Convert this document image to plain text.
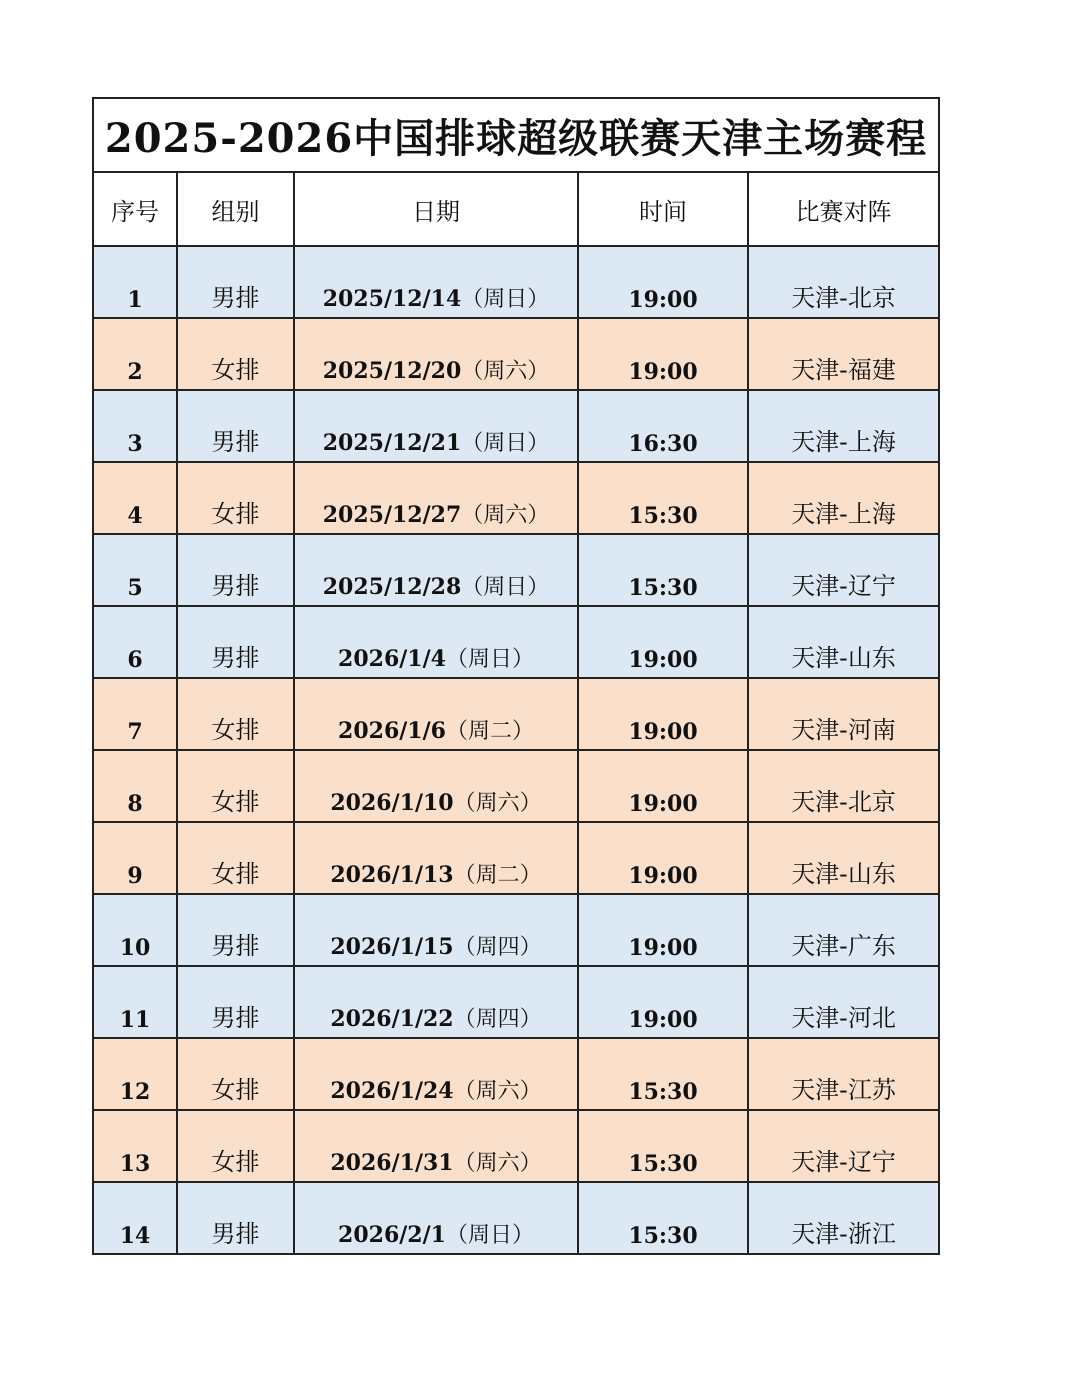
2025-2026中国排球超级联赛天津主场赛程				
序号	组别	日期	时间	比赛对阵
1	男排	2025/12/14（周日）	19:00	天津-北京
2	女排	2025/12/20（周六）	19:00	天津-福建
3	男排	2025/12/21（周日）	16:30	天津-上海
4	女排	2025/12/27（周六）	15:30	天津-上海
5	男排	2025/12/28（周日）	15:30	天津-辽宁
6	男排	2026/1/4（周日）	19:00	天津-山东
7	女排	2026/1/6（周二）	19:00	天津-河南
8	女排	2026/1/10（周六）	19:00	天津-北京
9	女排	2026/1/13（周二）	19:00	天津-山东
10	男排	2026/1/15（周四）	19:00	天津-广东
11	男排	2026/1/22（周四）	19:00	天津-河北
12	女排	2026/1/24（周六）	15:30	天津-江苏
13	女排	2026/1/31（周六）	15:30	天津-辽宁
14	男排	2026/2/1（周日）	15:30	天津-浙江
